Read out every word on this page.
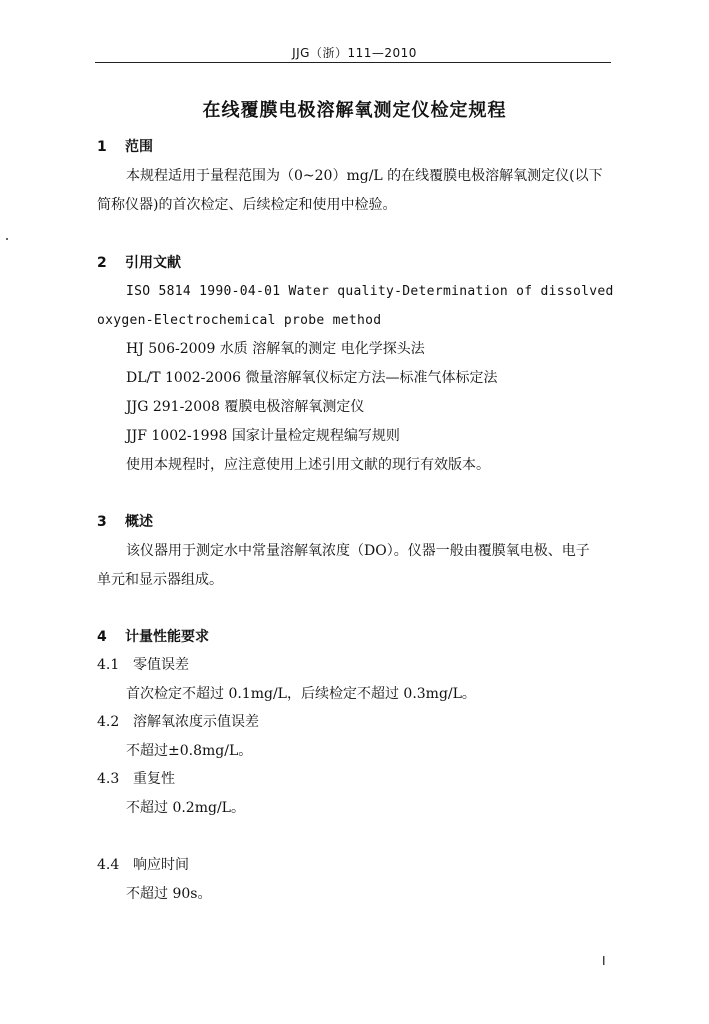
JJG（浙）111—2010
在线覆膜电极溶解氧测定仪检定规程
1 范围
本规程适用于量程范围为（0~20）mg/L 的在线覆膜电极溶解氧测定仪(以下
简称仪器)的首次检定、后续检定和使用中检验。
2 引用文献
ISO 5814 1990-04-01 Water quality-Determination of dissolved
oxygen-Electrochemical probe method
HJ 506-2009 水质 溶解氧的测定 电化学探头法
DL/T 1002-2006 微量溶解氧仪标定方法—标准气体标定法
JJG 291-2008 覆膜电极溶解氧测定仪
JJF 1002-1998 国家计量检定规程编写规则
使用本规程时，应注意使用上述引用文献的现行有效版本。
3 概述
该仪器用于测定水中常量溶解氧浓度（DO）。仪器一般由覆膜氧电极、电子
单元和显示器组成。
4 计量性能要求
4.1 零值误差
首次检定不超过 0.1mg/L，后续检定不超过 0.3mg/L。
4.2 溶解氧浓度示值误差
不超过±0.8mg/L。
4.3 重复性
不超过 0.2mg/L。
4.4 响应时间
不超过 90s。
I
